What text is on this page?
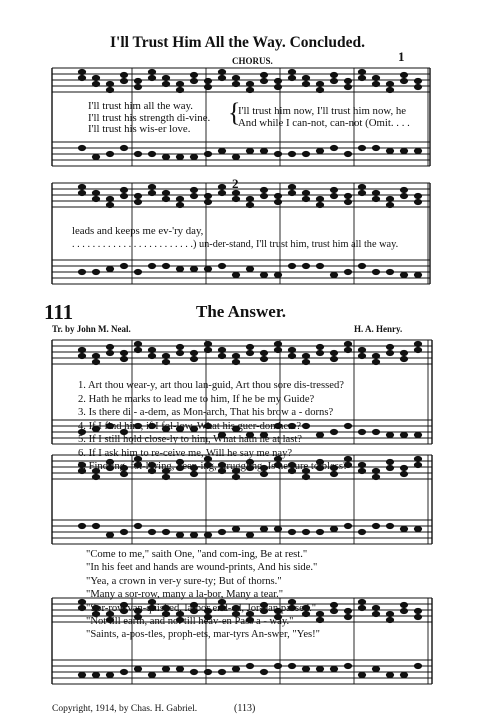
I'll Trust Him All the Way. Concluded.
CHORUS.	1
2
I'll trust him all the way.
I'll trust his strength di-vine.
I'll trust his wis-er love.
{
I'll trust him now, I'll trust him now, he
And while I can-not, can-not (Omit. . . .
leads and keeps me ev-'ry day,
. . . . . . . . . . . . . . . . . . . . . . . .) un-der-stand, I'll trust him, trust him all the way.
111	The Answer.
Tr. by John M. Neal.	H. A. Henry.
1. Art thou wear-y, art thou lan-guid, Art thou sore dis-tressed?
2. Hath he marks to lead me to him, If he be my Guide?
3. Is there di - a-dem, as Mon-arch, That his brow a - dorns?
4. If I find him, if I fol-low, What his guer-don here?
5. If I still hold close-ly to him, What hath he at last?
6. If I ask him to re-ceive me, Will he say me nay?
7. Find-ing, fol-l'wing, keep-ing, struggling, Is he sure to bless?
"Come to me," saith One, "and com-ing, Be at rest."
"In his feet and hands are wound-prints, And his side."
"Yea, a crown in ver-y sure-ty; But of thorns."
"Many a sor-row, many a la-bor, Many a tear."
"Sor-row van-quished, la-bor end-ed, Jor-dan passed."
"Not till earth, and not till heav-en Pass a - way."
"Saints, a-pos-tles, proph-ets, mar-tyrs An-swer, "Yes!"
Copyright, 1914, by Chas. H. Gabriel.	(113)
